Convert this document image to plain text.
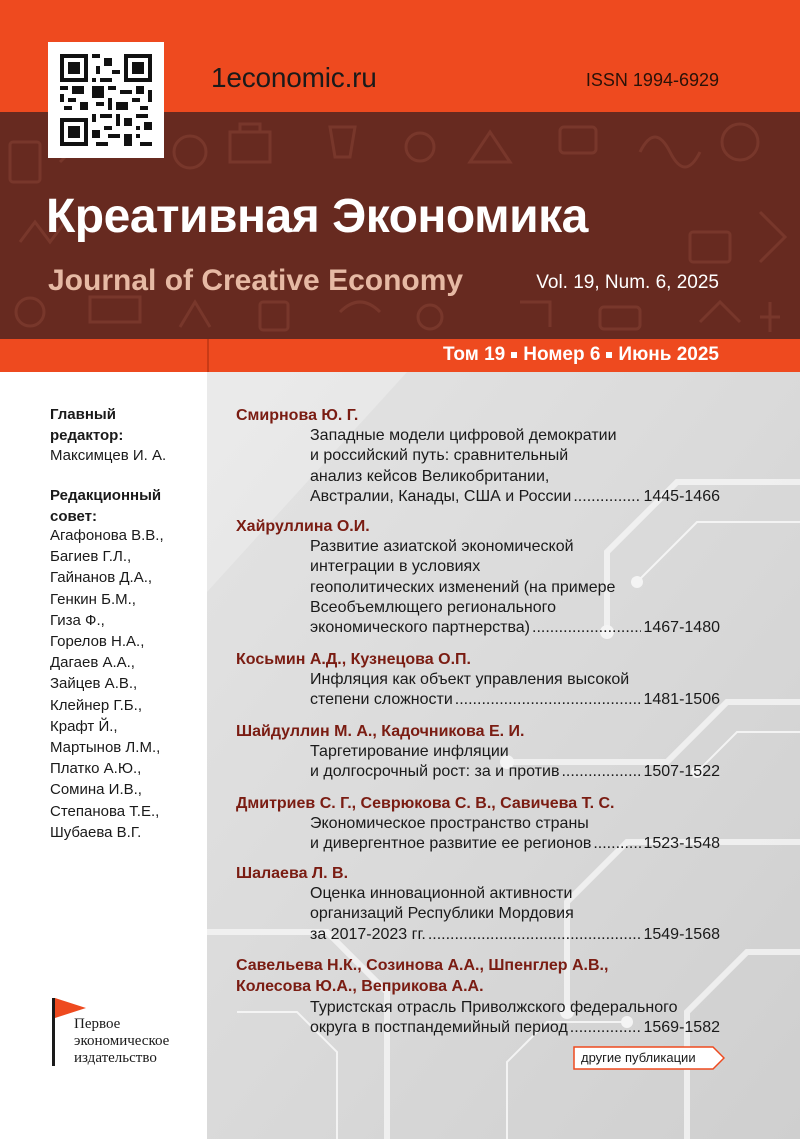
1economic.ru	ISSN 1994-6929
Креативная Экономика
Journal of Creative Economy	Vol. 19, Num. 6, 2025
Том 19 Номер 6 Июнь 2025
Главный
редактор:
Максимцев И. А.
Редакционный
совет:
Агафонова В.В.,
Багиев Г.Л.,
Гайнанов Д.А.,
Генкин Б.М.,
Гиза Ф.,
Горелов Н.А.,
Дагаев А.А.,
Зайцев А.В.,
Клейнер Г.Б.,
Крафт Й.,
Мартынов Л.М.,
Платко А.Ю.,
Сомина И.В.,
Степанова Т.Е.,
Шубаева В.Г.
Первое
экономическое
издательство
Смирнова Ю. Г.
Западные модели цифровой демократии
и российский путь: сравнительный
анализ кейсов Великобритании,
Австралии, Канады, США и России .....	1445-1466
Хайруллина О.И.
Развитие азиатской экономической
интеграции в условиях
геополитических изменений (на примере
Всеобъемлющего регионального
экономического партнерства) .....	1467-1480
Косьмин А.Д., Кузнецова О.П.
Инфляция как объект управления высокой
степени сложности .....	1481-1506
Шайдуллин М. А., Кадочникова Е. И.
Таргетирование инфляции
и долгосрочный рост: за и против .....	1507-1522
Дмитриев С. Г., Севрюкова С. В., Савичева Т. С.
Экономическое пространство страны
и дивергентное развитие ее регионов .....	1523-1548
Шалаева Л. В.
Оценка инновационной активности
организаций Республики Мордовия
за 2017-2023 гг. .....	1549-1568
Савельева Н.К., Созинова А.А., Шпенглер А.В.,
Колесова Ю.А., Веприкова А.А.
Туристская отрасль Приволжского федерального
округа в постпандемийный период .....	1569-1582
другие публикации
